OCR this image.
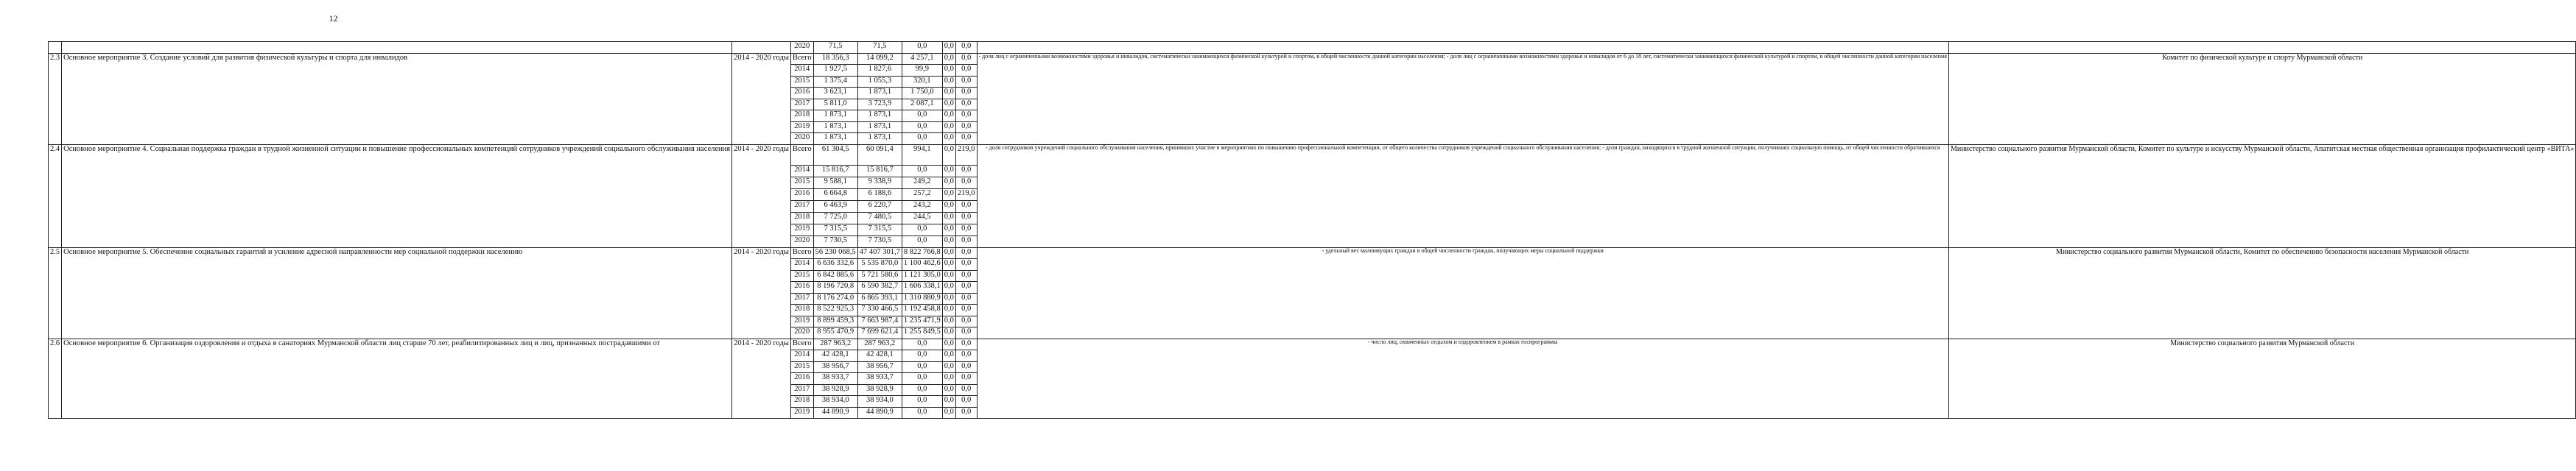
12
			2020	71,5	71,5	0,0	0,0	0,0		
2.3	Основное мероприятие 3. Создание условий для развития физической культуры и спорта для инвалидов	2014 - 2020 годы	Всего	18 356,3	14 099,2	4 257,1	0,0	0,0	- доля лиц с ограниченными возможностями здоровья и инвалидов, систематически занимающихся физической культурой и спортом, в общей численности данной категории населения; - доля лиц с ограниченными возможностями здоровья и инвалидов от 6 до 18 лет, систематически занимающихся физической культурой и спортом, в общей численности данной категории населения	Комитет по физической культуре и спорту Мурманской области
			2014	1 927,5	1 827,6	99,9	0,0	0,0		
			2015	1 375,4	1 055,3	320,1	0,0	0,0		
			2016	3 623,1	1 873,1	1 750,0	0,0	0,0		
			2017	5 811,0	3 723,9	2 087,1	0,0	0,0		
			2018	1 873,1	1 873,1	0,0	0,0	0,0		
			2019	1 873,1	1 873,1	0,0	0,0	0,0		
			2020	1 873,1	1 873,1	0,0	0,0	0,0		
2.4	Основное мероприятие 4. Социальная поддержка граждан в трудной жизненной ситуации и повышение профессиональных компетенций сотрудников учреждений социального обслуживания населения	2014 - 2020 годы	Всего	61 304,5	60 091,4	994,1	0,0	219,0	- доля сотрудников учреждений социального обслуживания населения, принявших участие в мероприятиях по повышению профессиональной компетенции, от общего количества сотрудников учреждений социального обслуживания населения; - доля граждан, находящихся в трудной жизненной ситуации, получивших социальную помощь, от общей численности обратившихся	Министерство социального развития Мурманской области, Комитет по культуре и искусству Мурманской области, Апатитская местная общественная организация профилактический центр «ВИТА»
			2014	15 816,7	15 816,7	0,0	0,0	0,0		
			2015	9 588,1	9 338,9	249,2	0,0	0,0		
			2016	6 664,8	6 188,6	257,2	0,0	219,0		
			2017	6 463,9	6 220,7	243,2	0,0	0,0		
			2018	7 725,0	7 480,5	244,5	0,0	0,0		
			2019	7 315,5	7 315,5	0,0	0,0	0,0		
			2020	7 730,5	7 730,5	0,0	0,0	0,0		
2.5	Основное мероприятие 5. Обеспечение социальных гарантий и усиление адресной направленности мер социальной поддержки населению	2014 - 2020 годы	Всего	56 230 068,5	47 407 301,7	8 822 766,8	0,0	0,0	- удельный вес малоимущих граждан в общей численности граждан, получающих меры социальной поддержки	Министерство социального развития Мурманской области, Комитет по обеспечению безопасности населения Мурманской области
			2014	6 636 332,6	5 535 870,0	1 100 462,6	0,0	0,0		
			2015	6 842 885,6	5 721 580,6	1 121 305,0	0,0	0,0		
			2016	8 196 720,8	6 590 382,7	1 606 338,1	0,0	0,0		
			2017	8 176 274,0	6 865 393,1	1 310 880,9	0,0	0,0		
			2018	8 522 925,3	7 330 466,5	1 192 458,8	0,0	0,0		
			2019	8 899 459,3	7 663 987,4	1 235 471,9	0,0	0,0		
			2020	8 955 470,9	7 699 621,4	1 255 849,5	0,0	0,0		
2.6	Основное мероприятие 6. Организация оздоровления и отдыха в санаториях Мурманской области лиц старше 70 лет, реабилитированных лиц и лиц, признанных пострадавшими от	2014 - 2020 годы	Всего	287 963,2	287 963,2	0,0	0,0	0,0	- число лиц, охваченных отдыхом и оздоровлением в рамках госпрограммы	Министерство социального развития Мурманской области
			2014	42 428,1	42 428,1	0,0	0,0	0,0		
			2015	38 956,7	38 956,7	0,0	0,0	0,0		
			2016	38 933,7	38 933,7	0,0	0,0	0,0		
			2017	38 928,9	38 928,9	0,0	0,0	0,0		
			2018	38 934,0	38 934,0	0,0	0,0	0,0		
			2019	44 890,9	44 890,9	0,0	0,0	0,0		
